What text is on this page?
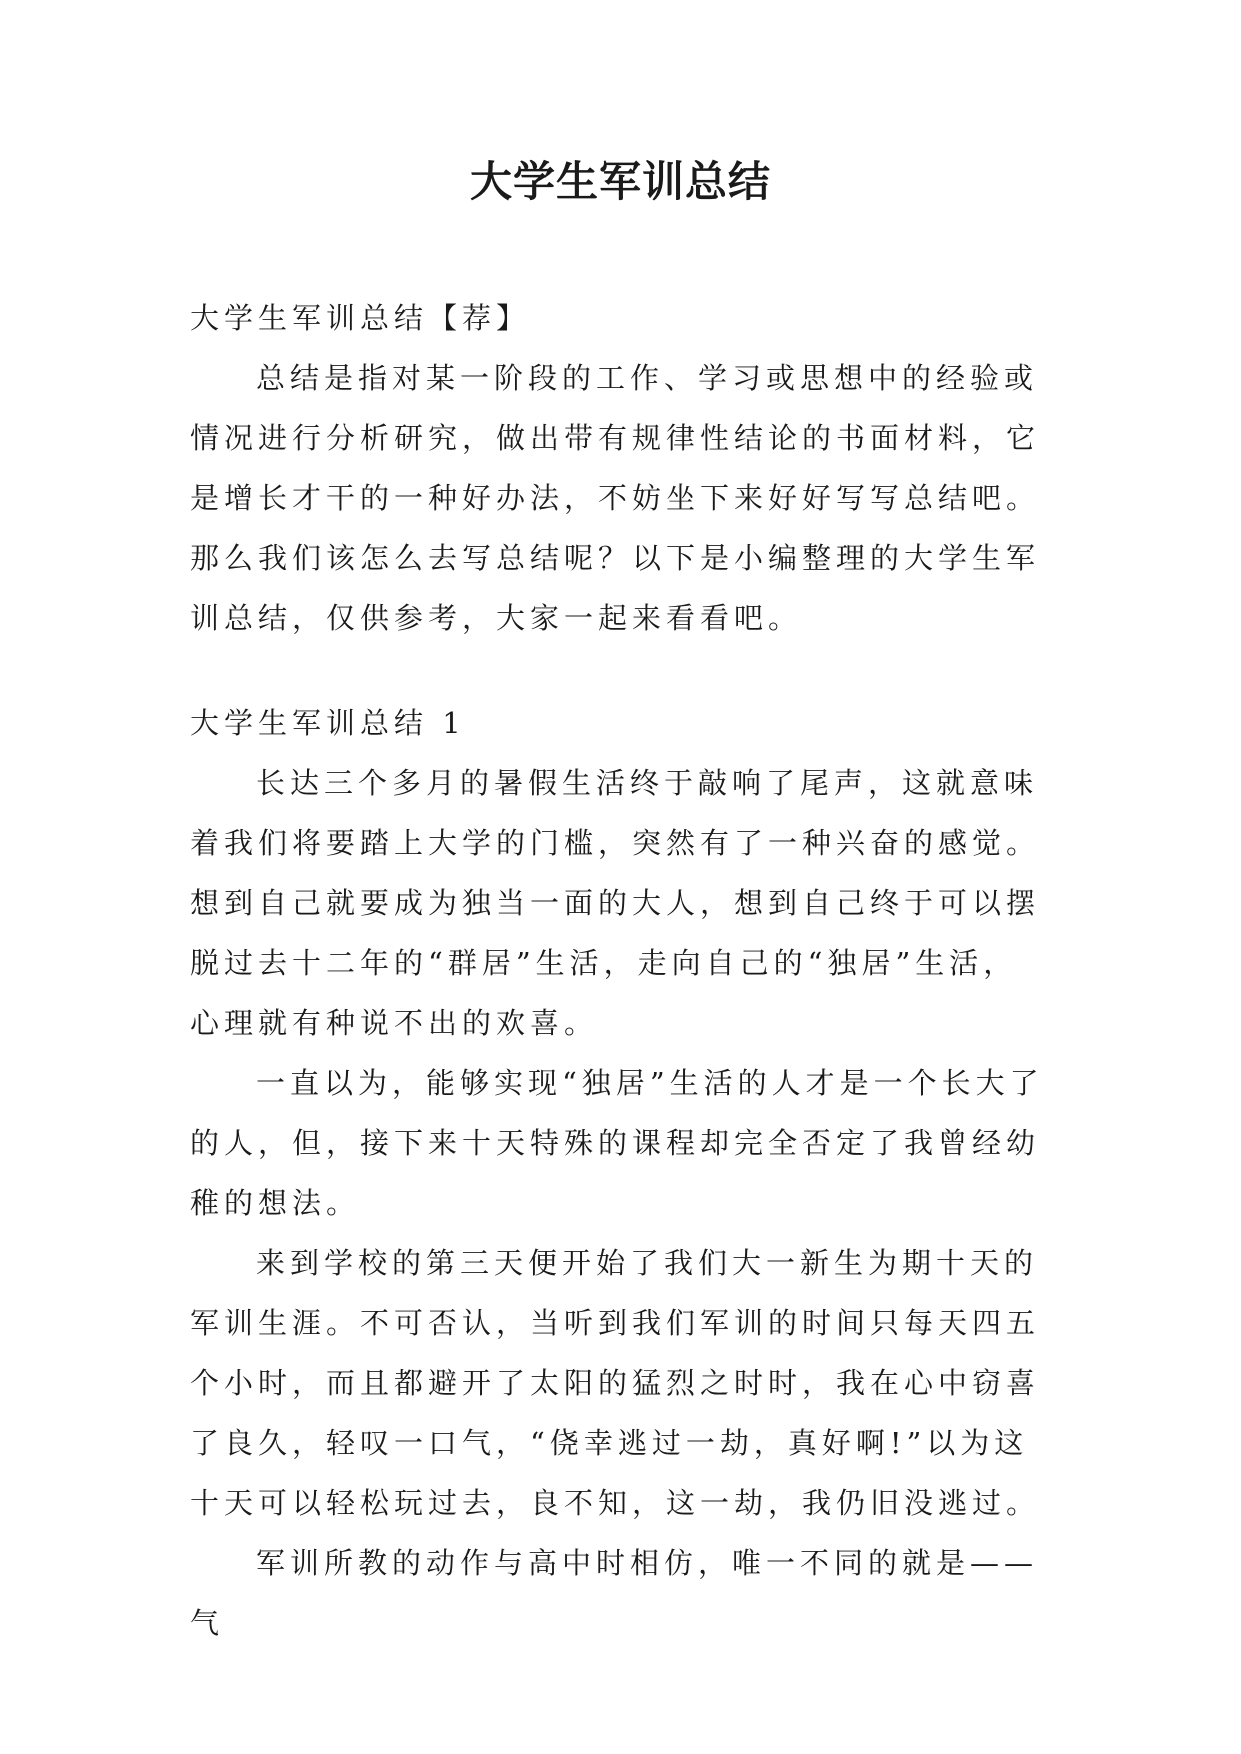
大学生军训总结

大学生军训总结【荐】

总结是指对某一阶段的工作、学习或思想中的经验或情况进行分析研究，做出带有规律性结论的书面材料，它是增长才干的一种好办法，不妨坐下来好好写写总结吧。那么我们该怎么去写总结呢？以下是小编整理的大学生军训总结，仅供参考，大家一起来看看吧。

大学生军训总结 1

长达三个多月的暑假生活终于敲响了尾声，这就意味着我们将要踏上大学的门槛，突然有了一种兴奋的感觉。想到自己就要成为独当一面的大人，想到自己终于可以摆脱过去十二年的“群居”生活，走向自己的“独居”生活，心理就有种说不出的欢喜。

一直以为，能够实现“独居”生活的人才是一个长大了的人，但，接下来十天特殊的课程却完全否定了我曾经幼稚的想法。

来到学校的第三天便开始了我们大一新生为期十天的军训生涯。不可否认，当听到我们军训的时间只每天四五个小时，而且都避开了太阳的猛烈之时时，我在心中窃喜了良久，轻叹一口气，“侥幸逃过一劫，真好啊!”以为这十天可以轻松玩过去，良不知，这一劫，我仍旧没逃过。

军训所教的动作与高中时相仿，唯一不同的就是——气
